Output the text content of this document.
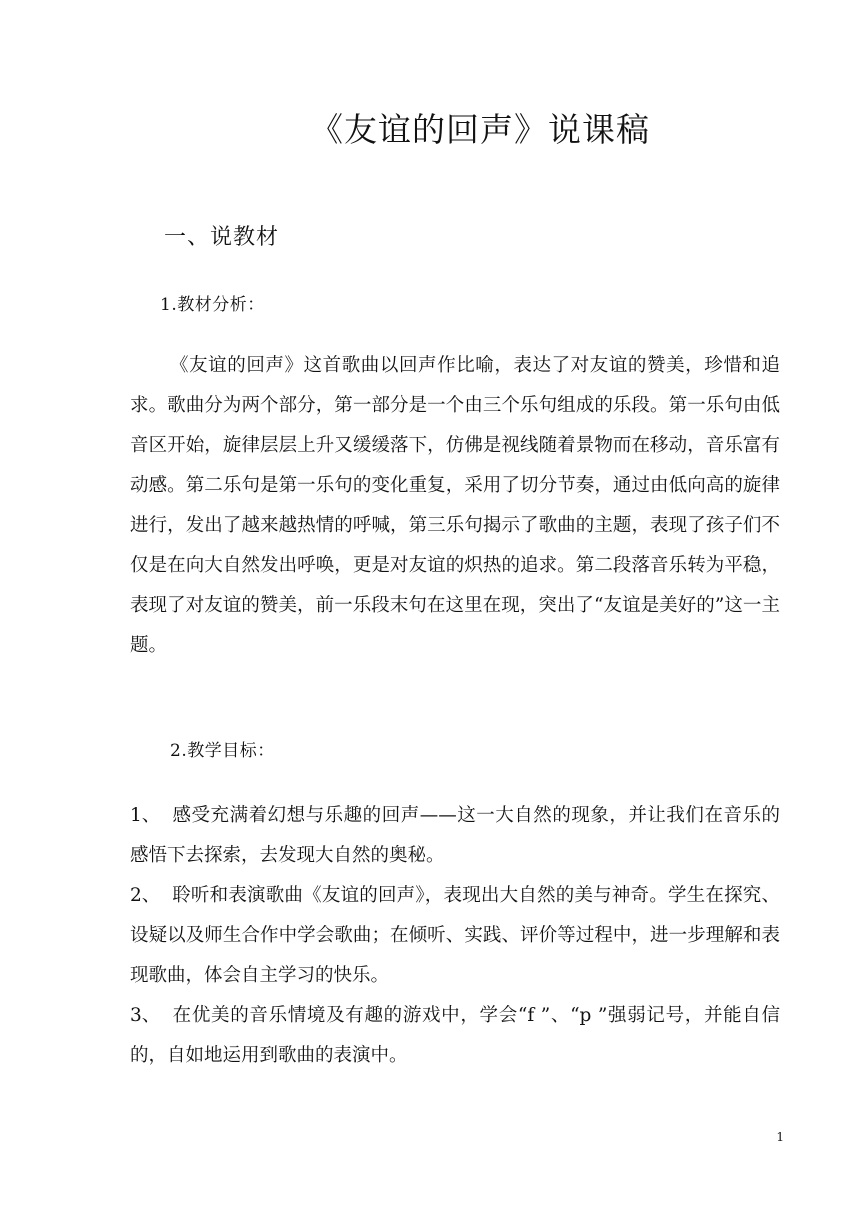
《友谊的回声》说课稿
一、说教材
1.教材分析：

《友谊的回声》这首歌曲以回声作比喻，表达了对友谊的赞美，珍惜和追求。歌曲分为两个部分，第一部分是一个由三个乐句组成的乐段。第一乐句由低音区开始，旋律层层上升又缓缓落下，仿佛是视线随着景物而在移动，音乐富有动感。第二乐句是第一乐句的变化重复，采用了切分节奏，通过由低向高的旋律进行，发出了越来越热情的呼喊，第三乐句揭示了歌曲的主题，表现了孩子们不仅是在向大自然发出呼唤，更是对友谊的炽热的追求。第二段落音乐转为平稳，表现了对友谊的赞美，前一乐段末句在这里在现，突出了“友谊是美好的”这一主题。

2.教学目标：
1、 感受充满着幻想与乐趣的回声——这一大自然的现象，并让我们在音乐的感悟下去探索，去发现大自然的奥秘。
2、 聆听和表演歌曲《友谊的回声》，表现出大自然的美与神奇。学生在探究、设疑以及师生合作中学会歌曲；在倾听、实践、评价等过程中，进一步理解和表现歌曲，体会自主学习的快乐。
3、 在优美的音乐情境及有趣的游戏中，学会“f ”、“p ”强弱记号，并能自信的，自如地运用到歌曲的表演中。
1
